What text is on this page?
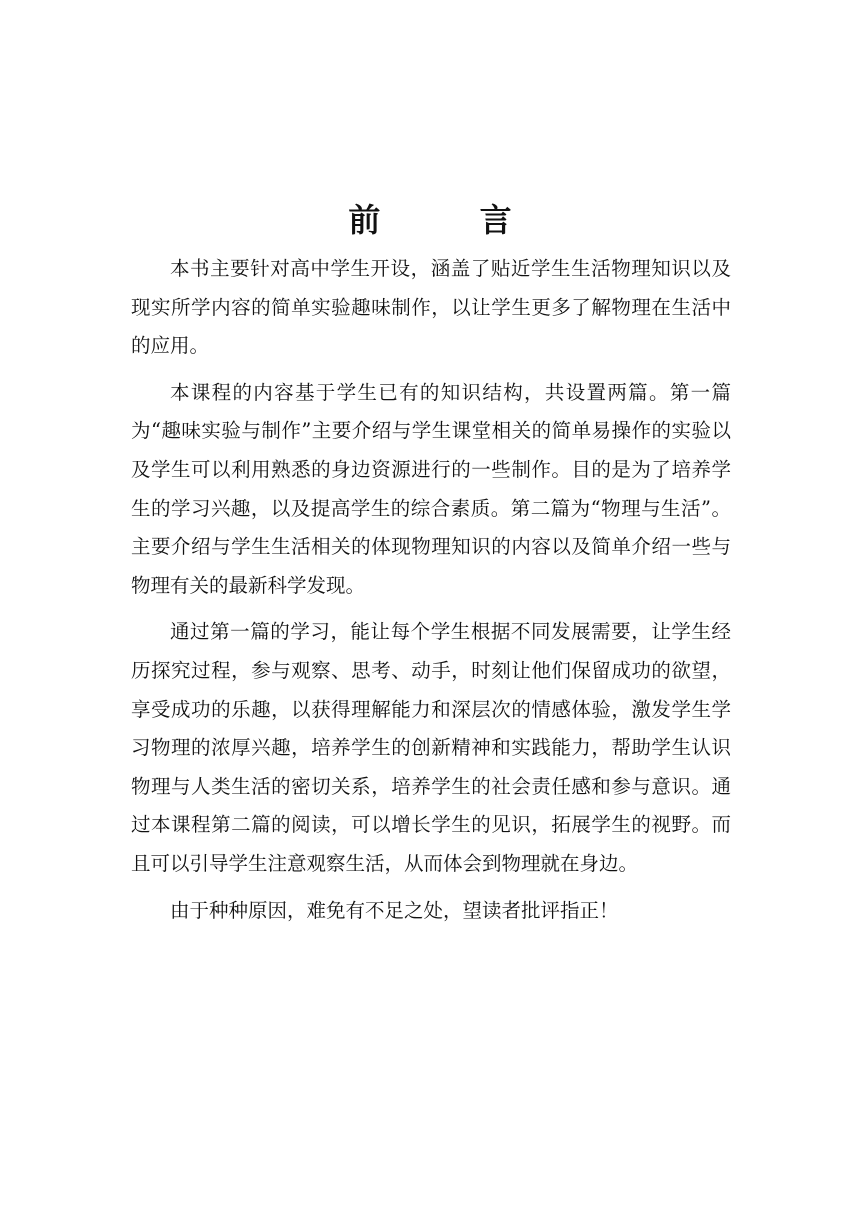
前 言

本书主要针对高中学生开设，涵盖了贴近学生生活物理知识以及现实所学内容的简单实验趣味制作，以让学生更多了解物理在生活中的应用。

本课程的内容基于学生已有的知识结构，共设置两篇。第一篇为“趣味实验与制作”主要介绍与学生课堂相关的简单易操作的实验以及学生可以利用熟悉的身边资源进行的一些制作。目的是为了培养学生的学习兴趣，以及提高学生的综合素质。第二篇为“物理与生活”。主要介绍与学生生活相关的体现物理知识的内容以及简单介绍一些与物理有关的最新科学发现。

通过第一篇的学习，能让每个学生根据不同发展需要，让学生经历探究过程，参与观察、思考、动手，时刻让他们保留成功的欲望，享受成功的乐趣，以获得理解能力和深层次的情感体验，激发学生学习物理的浓厚兴趣，培养学生的创新精神和实践能力，帮助学生认识物理与人类生活的密切关系，培养学生的社会责任感和参与意识。通过本课程第二篇的阅读，可以增长学生的见识，拓展学生的视野。而且可以引导学生注意观察生活，从而体会到物理就在身边。

由于种种原因，难免有不足之处，望读者批评指正！
